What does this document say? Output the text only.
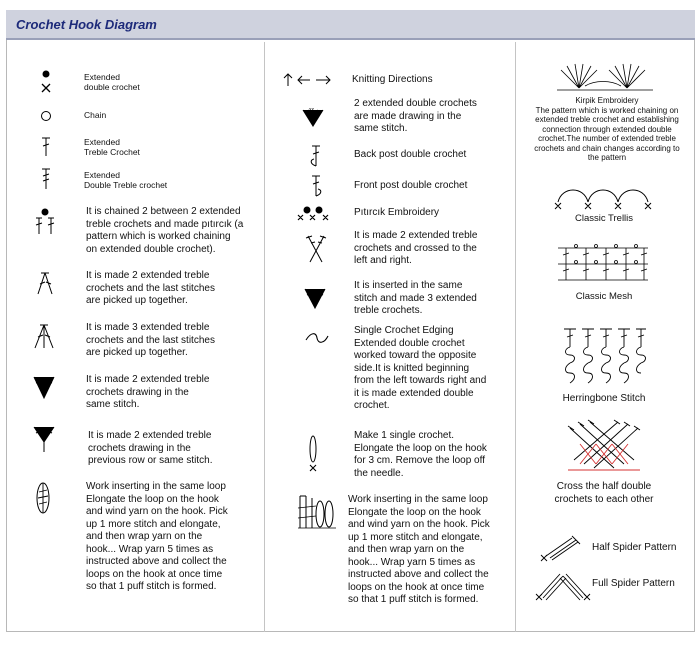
Crochet Hook Diagram
Extended
double crochet
Chain
Extended
Treble Crochet
Extended
Double Treble crochet
It is chained 2 between 2 extended
treble crochets and made pıtırcık (a
pattern which is worked chaining
on extended double crochet).
It is made 2 extended treble
crochets and the last stitches
are picked up together.
It is made 3 extended treble
crochets and the last stitches
are picked up together.
It is made 2 extended treble
crochets drawing in the
same stitch.
It is made 2 extended treble
crochets drawing in the
previous row or same stitch.
Work inserting in the same loop
Elongate the loop on the hook
and wind yarn on the hook. Pick
up 1 more stitch and elongate,
and then wrap yarn on the
hook... Wrap yarn 5 times as
instructed above and collect the
loops on the hook at once time
so that 1 puff stitch is formed.
Knitting Directions
xx
2 extended double crochets
are made drawing in the
same stitch.
Back post double crochet
Front post double crochet
Pıtırcık Embroidery
It is made 2 extended treble
crochets and crossed to the
left and right.
It is inserted in the same
stitch and made 3 extended
treble crochets.
Single Crochet Edging
Extended double crochet
worked toward the opposite
side.It is knitted beginning
from the left towards right and
it is made extended double
crochet.
Make 1 single crochet.
Elongate the loop on the hook
for 3 cm. Remove the loop off
the needle.
Work inserting in the same loop
Elongate the loop on the hook
and wind yarn on the hook. Pick
up 1 more stitch and elongate,
and then wrap yarn on the
hook... Wrap yarn 5 times as
instructed above and collect the
loops on the hook at once time
so that 1 puff stitch is formed.
Kirpik Embroidery
The pattern which is worked chaining on
extended treble crochet and establishing
connection through extended double
crochet.The number of extended treble
crochets and chain changes according to
the pattern
Classic Trellis
Classic Mesh
Herringbone Stitch
Cross the half double
crochets to each other
Half Spider Pattern
Full Spider Pattern
